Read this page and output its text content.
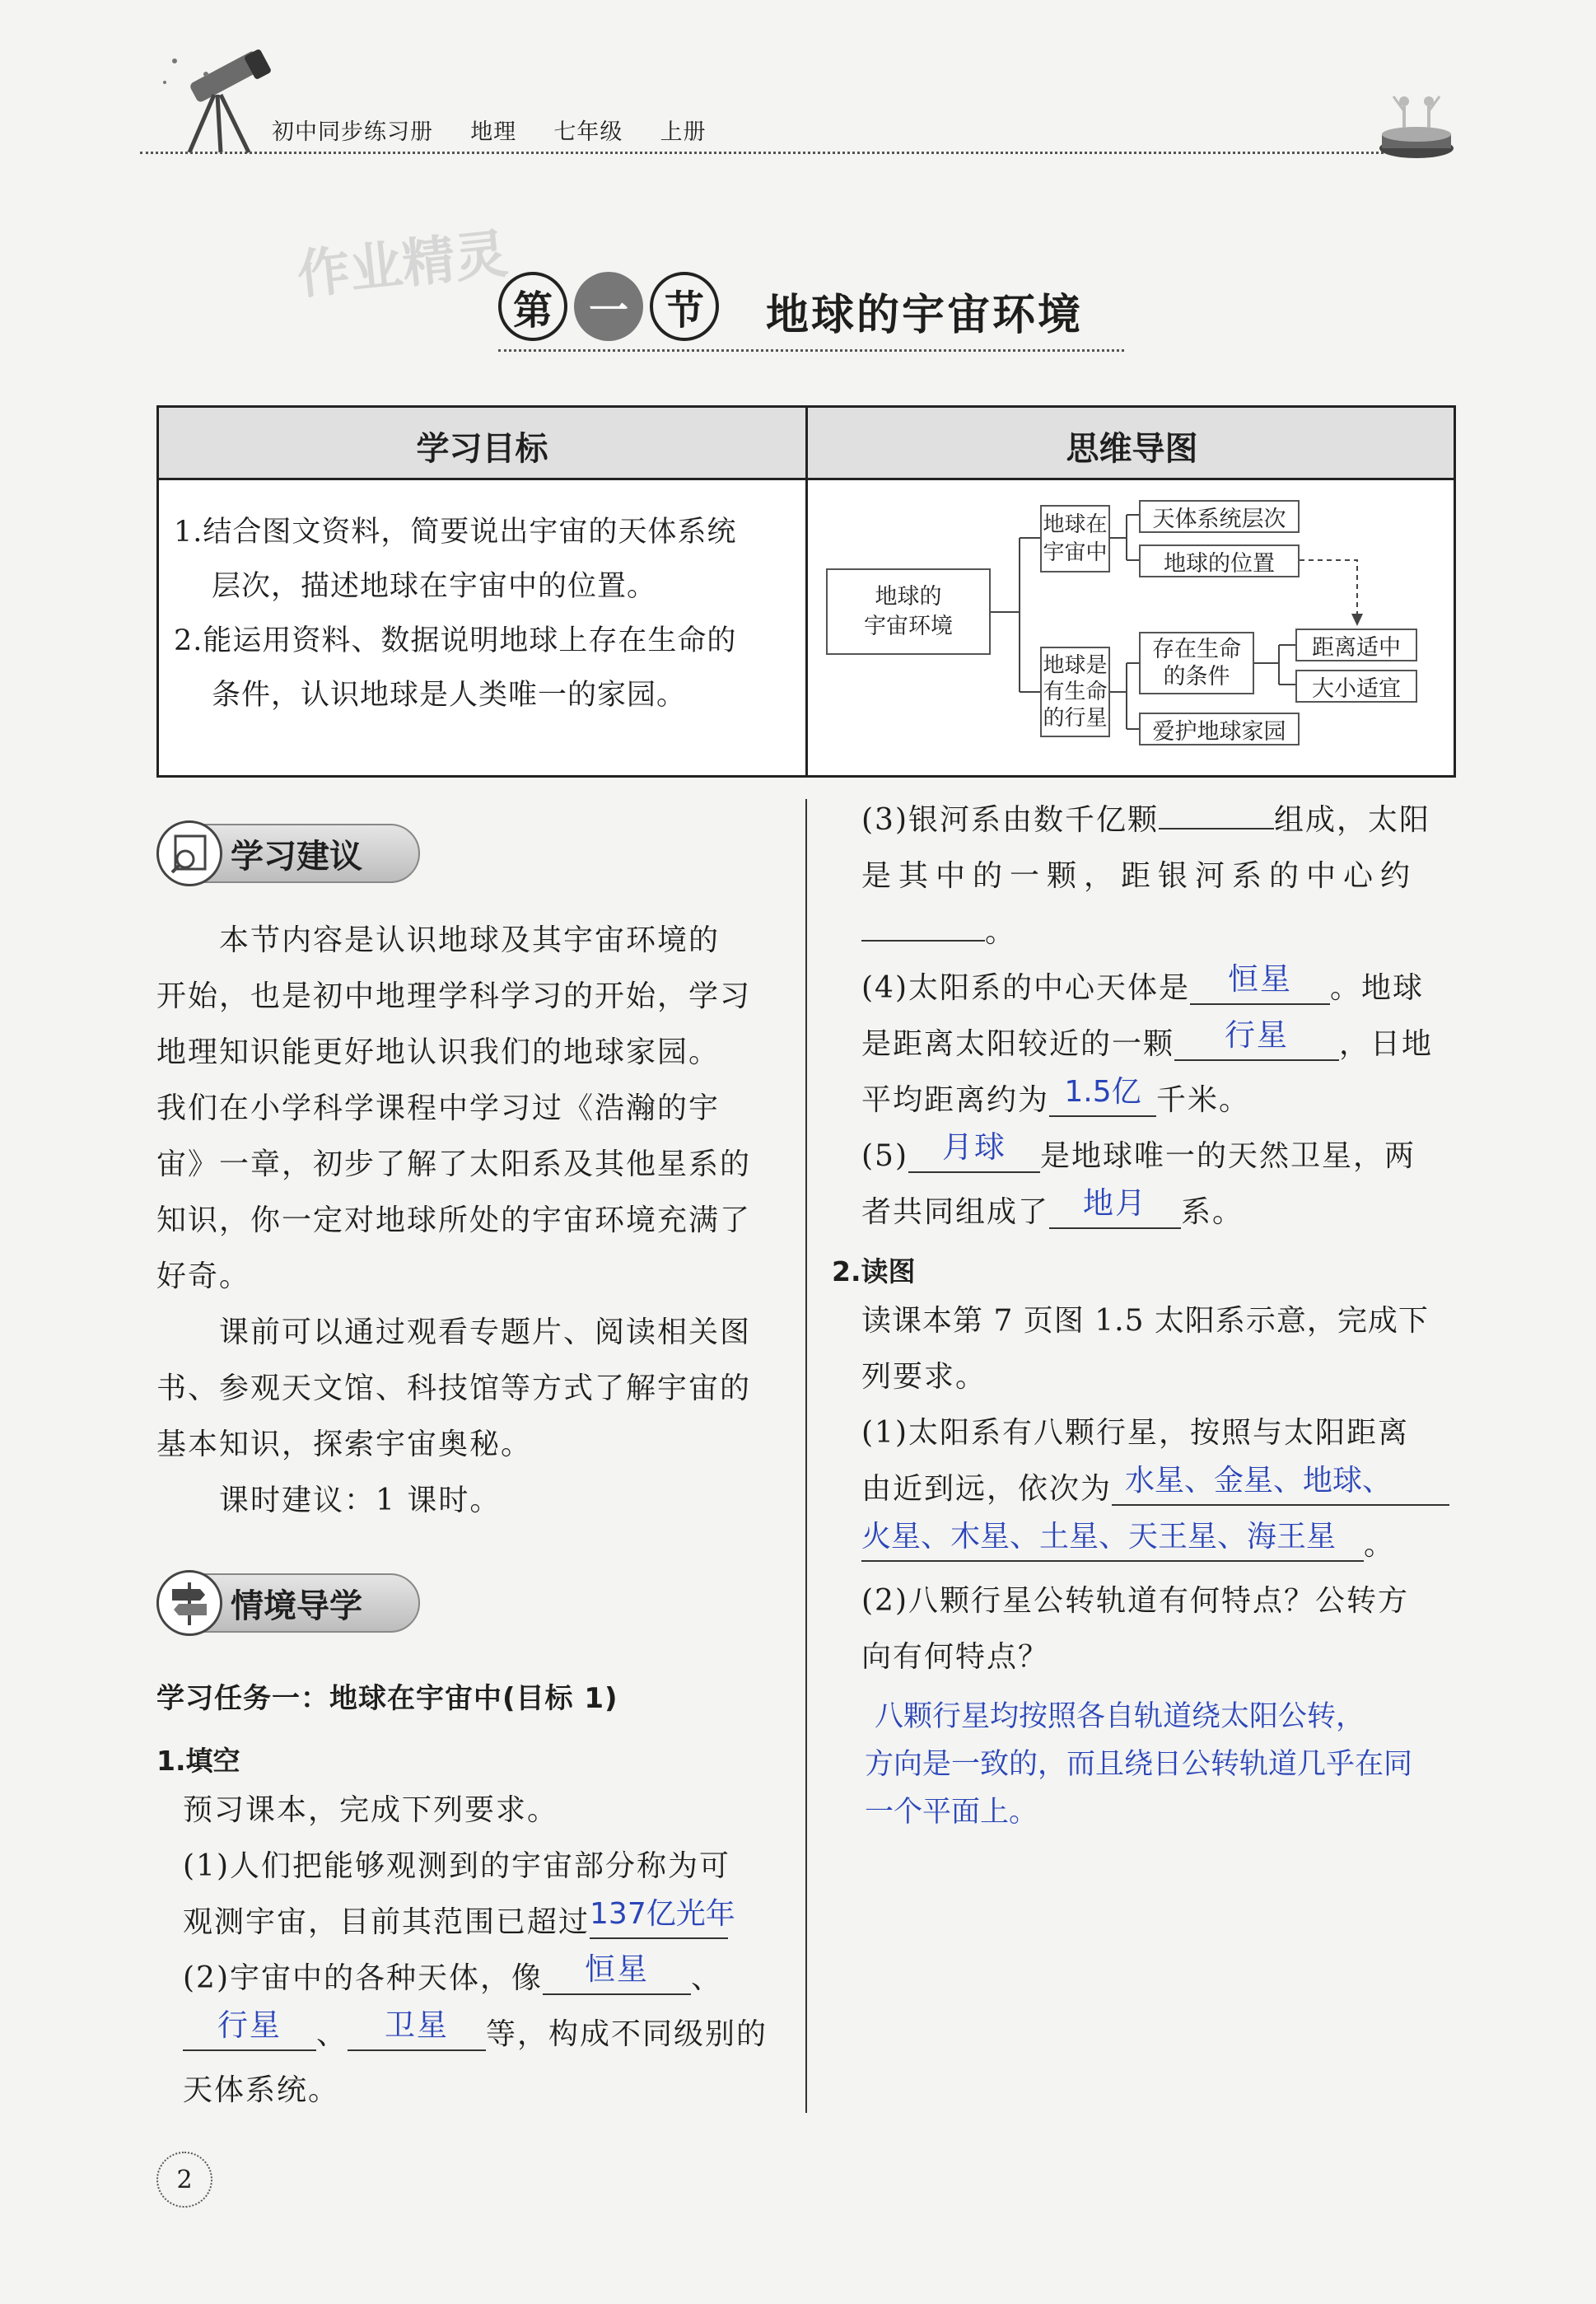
初中同步练习册 地理 七年级 上册
作业精灵
第 一 节 地球的宇宙环境
学习目标	思维导图
1.结合图文资料，简要说出宇宙的天体系统
层次，描述地球在宇宙中的位置。
2.能运用资料、数据说明地球上存在生命的
条件，认识地球是人类唯一的家园。
地球的
宇宙环境
地球在
宇宙中
天体系统层次
地球的位置
地球是
有生命
的行星
存在生命
的条件
距离适中
大小适宜
爱护地球家园
学习建议
本节内容是认识地球及其宇宙环境的
开始，也是初中地理学科学习的开始，学习
地理知识能更好地认识我们的地球家园。
我们在小学科学课程中学习过《浩瀚的宇
宙》一章，初步了解了太阳系及其他星系的
知识，你一定对地球所处的宇宙环境充满了
好奇。
课前可以通过观看专题片、阅读相关图
书、参观天文馆、科技馆等方式了解宇宙的
基本知识，探索宇宙奥秘。
课时建议：1 课时。
情境导学
学习任务一：地球在宇宙中(目标 1)
1.填空
预习课本，完成下列要求。
(1)人们把能够观测到的宇宙部分称为可
观测宇宙，目前其范围已超过137亿光年
(2)宇宙中的各种天体，像 恒星 、
行星 、 卫星 等，构成不同级别的
天体系统。
(3)银河系由数千亿颗	组成，太阳
是其中的一颗，距银河系的中心约
。
(4)太阳系的中心天体是 恒星 。地球
是距离太阳较近的一颗 行星 ，日地
平均距离约为 1.5亿 千米。
(5) 月球 是地球唯一的天然卫星，两
者共同组成了 地月 系。
2.读图
读课本第 7 页图 1.5 太阳系示意，完成下
列要求。
(1)太阳系有八颗行星，按照与太阳距离
由近到远，依次为 水星、金星、地球、
火星、木星、土星、天王星、海王星 。
(2)八颗行星公转轨道有何特点？公转方
向有何特点？
八颗行星均按照各自轨道绕太阳公转，
方向是一致的，而且绕日公转轨道几乎在同
一个平面上。
2
